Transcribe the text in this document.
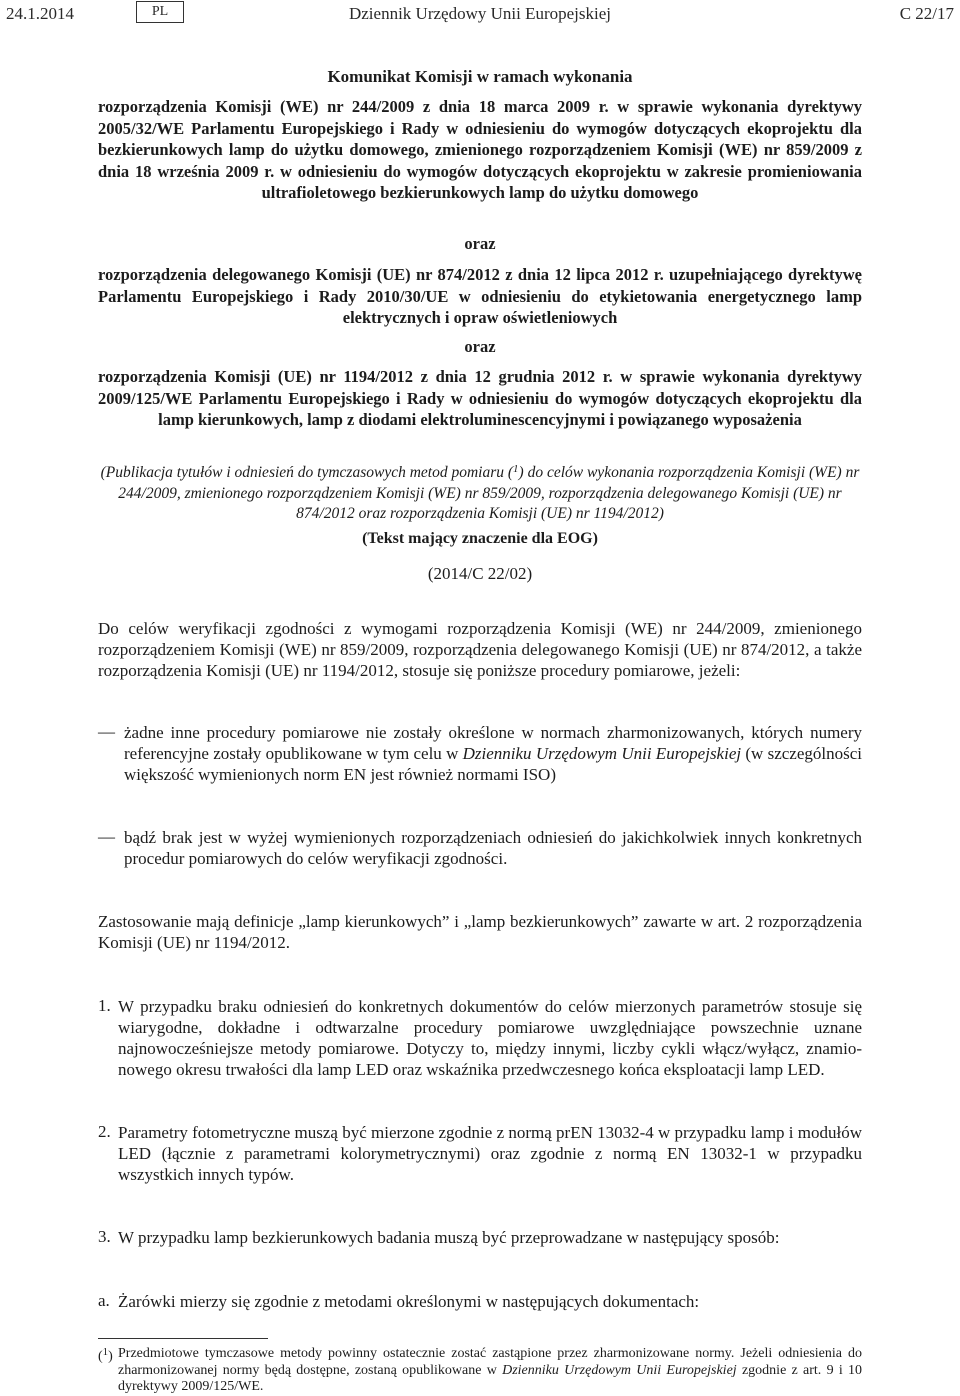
24.1.2014	PL	Dziennik Urzędowy Unii Europejskiej	C 22/17
Komunikat Komisji w ramach wykonania
rozporządzenia Komisji (WE) nr 244/2009 z dnia 18 marca 2009 r. w sprawie wykonania dyrektywy 2005/32/WE Parlamentu Europejskiego i Rady w odniesieniu do wymogów dotyczących ekoprojektu dla bezkierunkowych lamp do użytku domowego, zmienionego rozporządzeniem Komisji (WE) nr 859/2009 z dnia 18 września 2009 r. w odniesieniu do wymogów dotyczących ekoprojektu w zakresie promieniowania ultrafioletowego bezkierunkowych lamp do użytku domowego
oraz
rozporządzenia delegowanego Komisji (UE) nr 874/2012 z dnia 12 lipca 2012 r. uzupełniającego dyrektywę Parlamentu Europejskiego i Rady 2010/30/UE w odniesieniu do etykietowania energetycznego lamp elektrycznych i opraw oświetleniowych
oraz
rozporządzenia Komisji (UE) nr 1194/2012 z dnia 12 grudnia 2012 r. w sprawie wykonania dyrektywy 2009/125/WE Parlamentu Europejskiego i Rady w odniesieniu do wymogów dotyczących ekoprojektu dla lamp kierunkowych, lamp z diodami elektroluminescencyjnymi i powiązanego wyposażenia
(Publikacja tytułów i odniesień do tymczasowych metod pomiaru ($^1$) do celów wykonania rozporządzenia Komisji (WE) nr 244/2009, zmienionego rozporządzeniem Komisji (WE) nr 859/2009, rozporządzenia delegowanego Komisji (UE) nr 874/2012 oraz rozporządzenia Komisji (UE) nr 1194/2012)
(Tekst mający znaczenie dla EOG)
(2014/C 22/02)
Do celów weryfikacji zgodności z wymogami rozporządzenia Komisji (WE) nr 244/2009, zmienionego rozporządzeniem Komisji (WE) nr 859/2009, rozporządzenia delegowanego Komisji (UE) nr 874/2012, a także rozporządzenia Komisji (UE) nr 1194/2012, stosuje się poniższe procedury pomiarowe, jeżeli:
— żadne inne procedury pomiarowe nie zostały określone w normach zharmonizowanych, których numery referencyjne zostały opublikowane w tym celu w Dzienniku Urzędowym Unii Europejskiej (w szczególności większość wymienionych norm EN jest również normami ISO)
— bądź brak jest w wyżej wymienionych rozporządzeniach odniesień do jakichkolwiek innych konkretnych procedur pomiarowych do celów weryfikacji zgodności.
Zastosowanie mają definicje „lamp kierunkowych” i „lamp bezkierunkowych” zawarte w art. 2 rozporządzenia Komisji (UE) nr 1194/2012.
1. W przypadku braku odniesień do konkretnych dokumentów do celów mierzonych parametrów stosuje się wiarygodne, dokładne i odtwarzalne procedury pomiarowe uwzględniające powszechnie uznane najnowocześniejsze metody pomiarowe. Dotyczy to, między innymi, liczby cykli włącz/wyłącz, znamionowego okresu trwałości dla lamp LED oraz wskaźnika przedwczesnego końca eksploatacji lamp LED.
2. Parametry fotometryczne muszą być mierzone zgodnie z normą prEN 13032-4 w przypadku lamp i modułów LED (łącznie z parametrami kolorymetrycznymi) oraz zgodnie z normą EN 13032-1 w przypadku wszystkich innych typów.
3. W przypadku lamp bezkierunkowych badania muszą być przeprowadzane w następujący sposób:
a. Żarówki mierzy się zgodnie z metodami określonymi w następujących dokumentach:
($^1$) Przedmiotowe tymczasowe metody powinny ostatecznie zostać zastąpione przez zharmonizowane normy. Jeżeli odniesienia do zharmonizowanej normy będą dostępne, zostaną opublikowane w Dzienniku Urzędowym Unii Europejskiej zgodnie z art. 9 i 10 dyrektywy 2009/125/WE.
